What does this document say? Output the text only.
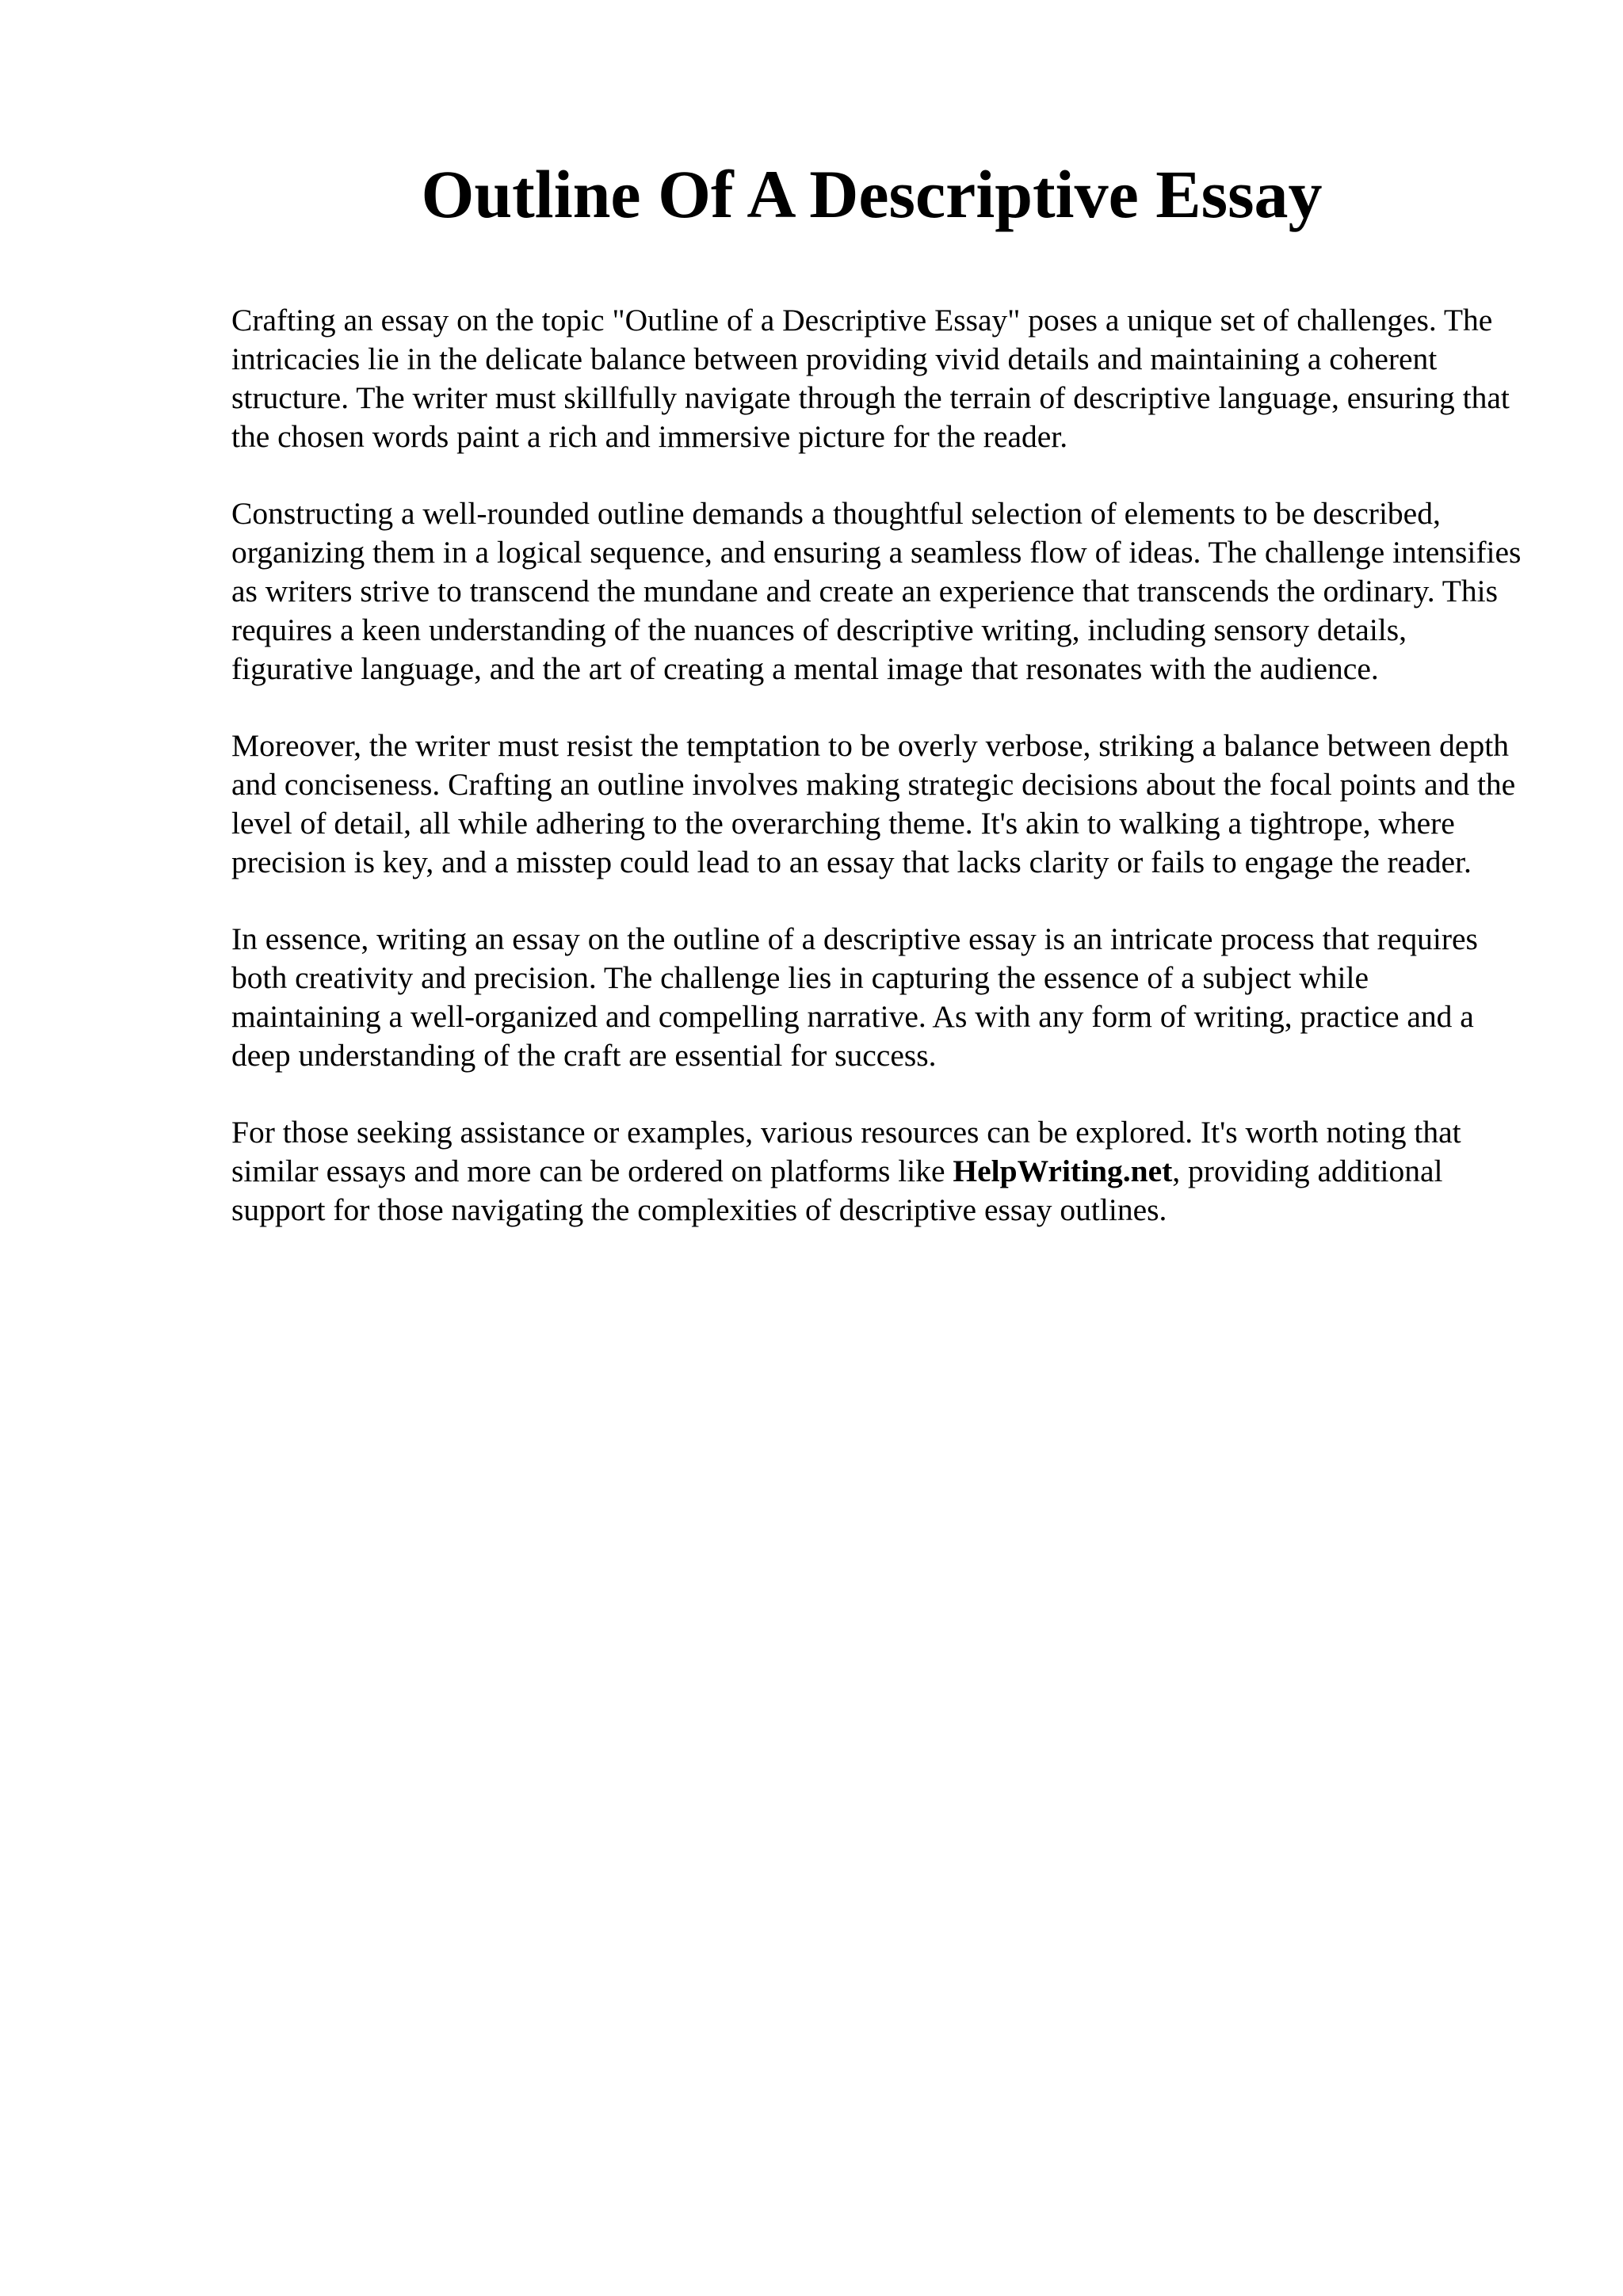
Outline Of A Descriptive Essay

Crafting an essay on the topic "Outline of a Descriptive Essay" poses a unique set of challenges. The intricacies lie in the delicate balance between providing vivid details and maintaining a coherent structure. The writer must skillfully navigate through the terrain of descriptive language, ensuring that the chosen words paint a rich and immersive picture for the reader.

Constructing a well-rounded outline demands a thoughtful selection of elements to be described, organizing them in a logical sequence, and ensuring a seamless flow of ideas. The challenge intensifies as writers strive to transcend the mundane and create an experience that transcends the ordinary. This requires a keen understanding of the nuances of descriptive writing, including sensory details, figurative language, and the art of creating a mental image that resonates with the audience.

Moreover, the writer must resist the temptation to be overly verbose, striking a balance between depth and conciseness. Crafting an outline involves making strategic decisions about the focal points and the level of detail, all while adhering to the overarching theme. It's akin to walking a tightrope, where precision is key, and a misstep could lead to an essay that lacks clarity or fails to engage the reader.

In essence, writing an essay on the outline of a descriptive essay is an intricate process that requires both creativity and precision. The challenge lies in capturing the essence of a subject while maintaining a well-organized and compelling narrative. As with any form of writing, practice and a deep understanding of the craft are essential for success.

For those seeking assistance or examples, various resources can be explored. It's worth noting that similar essays and more can be ordered on platforms like HelpWriting.net, providing additional support for those navigating the complexities of descriptive essay outlines.
